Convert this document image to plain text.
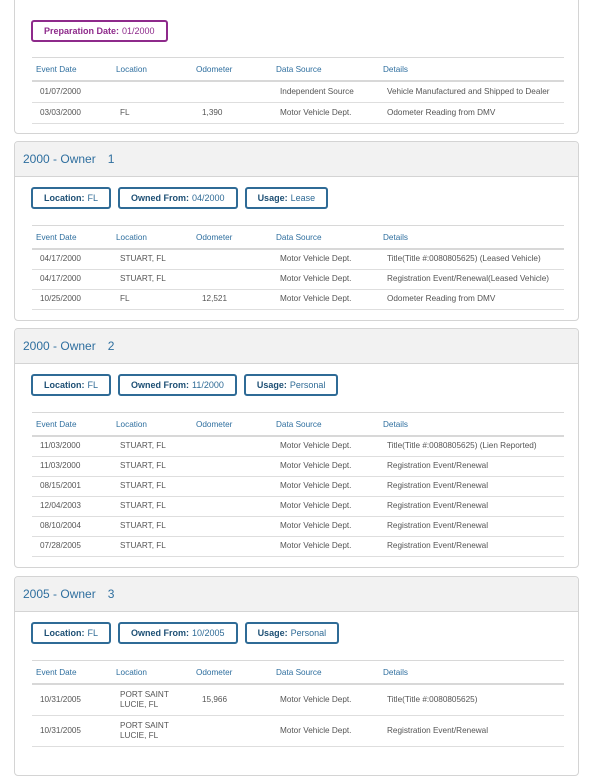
Preparation Date: 01/2000
Event Date	Location	Odometer	Data Source	Details
01/07/2000			Independent Source	Vehicle Manufactured and Shipped to Dealer
03/03/2000	FL	1,390	Motor Vehicle Dept.	Odometer Reading from DMV
2000 - Owner 1
Location: FL	Owned From: 04/2000	Usage: Lease
Event Date	Location	Odometer	Data Source	Details
04/17/2000	STUART, FL		Motor Vehicle Dept.	Title(Title #:0080805625) (Leased Vehicle)
04/17/2000	STUART, FL		Motor Vehicle Dept.	Registration Event/Renewal(Leased Vehicle)
10/25/2000	FL	12,521	Motor Vehicle Dept.	Odometer Reading from DMV
2000 - Owner 2
Location: FL	Owned From: 11/2000	Usage: Personal
Event Date	Location	Odometer	Data Source	Details
11/03/2000	STUART, FL		Motor Vehicle Dept.	Title(Title #:0080805625) (Lien Reported)
11/03/2000	STUART, FL		Motor Vehicle Dept.	Registration Event/Renewal
08/15/2001	STUART, FL		Motor Vehicle Dept.	Registration Event/Renewal
12/04/2003	STUART, FL		Motor Vehicle Dept.	Registration Event/Renewal
08/10/2004	STUART, FL		Motor Vehicle Dept.	Registration Event/Renewal
07/28/2005	STUART, FL		Motor Vehicle Dept.	Registration Event/Renewal
2005 - Owner 3
Location: FL	Owned From: 10/2005	Usage: Personal
Event Date	Location	Odometer	Data Source	Details
10/31/2005	PORT SAINT LUCIE, FL	15,966	Motor Vehicle Dept.	Title(Title #:0080805625)
10/31/2005	PORT SAINT LUCIE, FL		Motor Vehicle Dept.	Registration Event/Renewal
